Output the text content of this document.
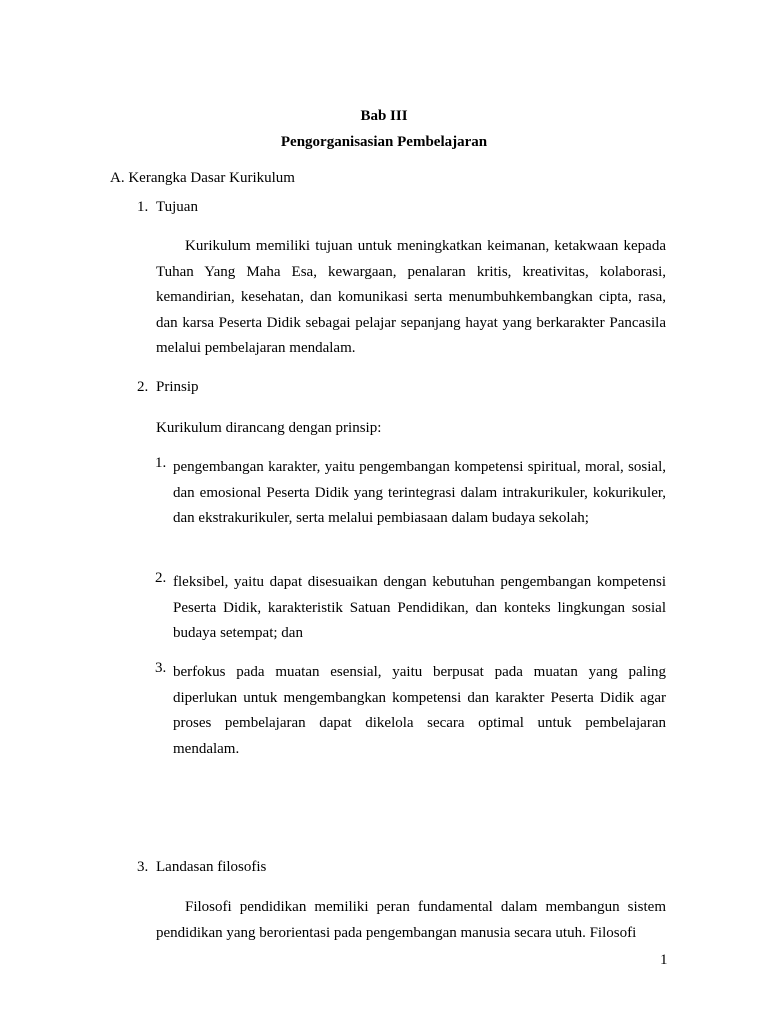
Bab III
Pengorganisasian Pembelajaran
A. Kerangka Dasar Kurikulum
1. Tujuan
Kurikulum memiliki tujuan untuk meningkatkan keimanan, ketakwaan kepada Tuhan Yang Maha Esa, kewargaan, penalaran kritis, kreativitas, kolaborasi, kemandirian, kesehatan, dan komunikasi serta menumbuhkembangkan cipta, rasa, dan karsa Peserta Didik sebagai pelajar sepanjang hayat yang berkarakter Pancasila melalui pembelajaran mendalam.
2. Prinsip
Kurikulum dirancang dengan prinsip:
1. pengembangan karakter, yaitu pengembangan kompetensi spiritual, moral, sosial, dan emosional Peserta Didik yang terintegrasi dalam intrakurikuler, kokurikuler, dan ekstrakurikuler, serta melalui pembiasaan dalam budaya sekolah;
2. fleksibel, yaitu dapat disesuaikan dengan kebutuhan pengembangan kompetensi Peserta Didik, karakteristik Satuan Pendidikan, dan konteks lingkungan sosial budaya setempat; dan
3. berfokus pada muatan esensial, yaitu berpusat pada muatan yang paling diperlukan untuk mengembangkan kompetensi dan karakter Peserta Didik agar proses pembelajaran dapat dikelola secara optimal untuk pembelajaran mendalam.
3. Landasan filosofis
Filosofi pendidikan memiliki peran fundamental dalam membangun sistem pendidikan yang berorientasi pada pengembangan manusia secara utuh. Filosofi
1
